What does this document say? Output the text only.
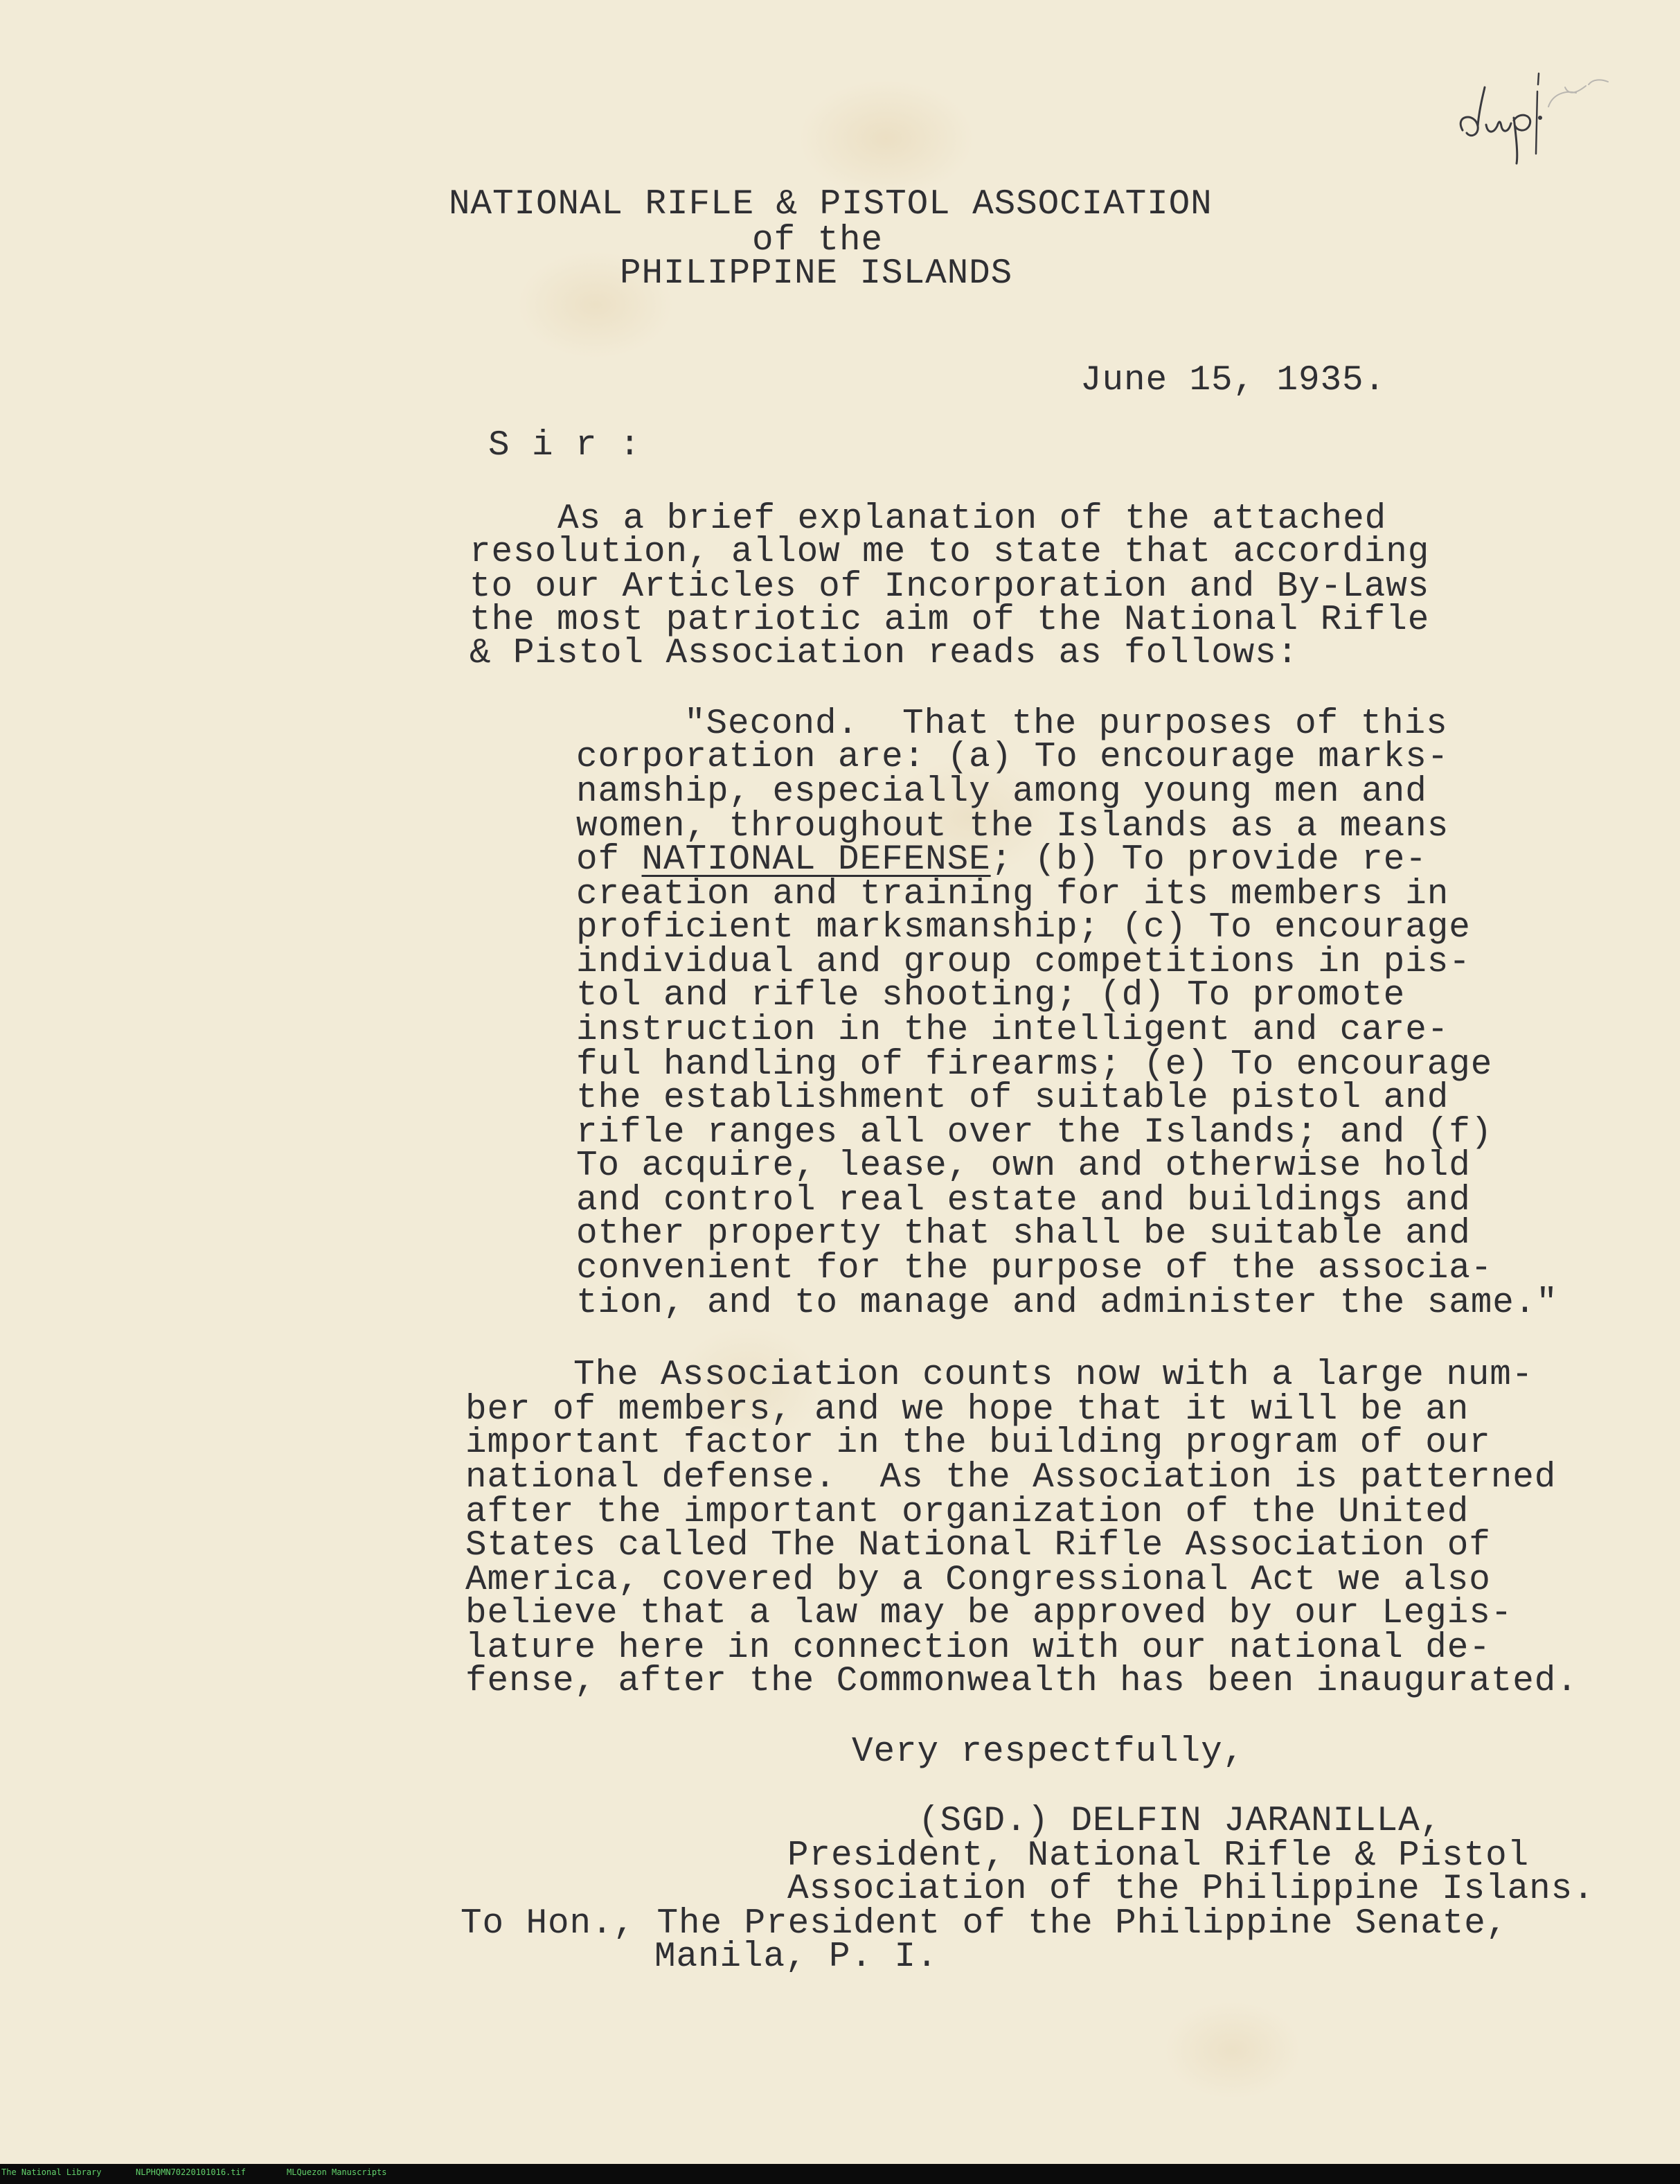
NATIONAL RIFLE & PISTOL ASSOCIATION

of the

PHILIPPINE ISLANDS

June 15, 1935.

S i r :

As a brief explanation of the attached

resolution, allow me to state that according

to our Articles of Incorporation and By-Laws

the most patriotic aim of the National Rifle

& Pistol Association reads as follows:

"Second.  That the purposes of this

corporation are: (a) To encourage marks-

namship, especially among young men and

women, throughout the Islands as a means

of NATIONAL DEFENSE; (b) To provide re-

creation and training for its members in

proficient marksmanship; (c) To encourage

individual and group competitions in pis-

tol and rifle shooting; (d) To promote

instruction in the intelligent and care-

ful handling of firearms; (e) To encourage

the establishment of suitable pistol and

rifle ranges all over the Islands; and (f)

To acquire, lease, own and otherwise hold

and control real estate and buildings and

other property that shall be suitable and

convenient for the purpose of the associa-

tion, and to manage and administer the same."

The Association counts now with a large num-

ber of members, and we hope that it will be an

important factor in the building program of our

national defense.  As the Association is patterned

after the important organization of the United

States called The National Rifle Association of

America, covered by a Congressional Act we also

believe that a law may be approved by our Legis-

lature here in connection with our national de-

fense, after the Commonwealth has been inaugurated.

Very respectfully,

(SGD.) DELFIN JARANILLA,

President, National Rifle & Pistol

Association of the Philippine Islans.

To Hon., The President of the Philippine Senate,

Manila, P. I.

The National Library	NLPHQMN70220101016.tif	MLQuezon Manuscripts
